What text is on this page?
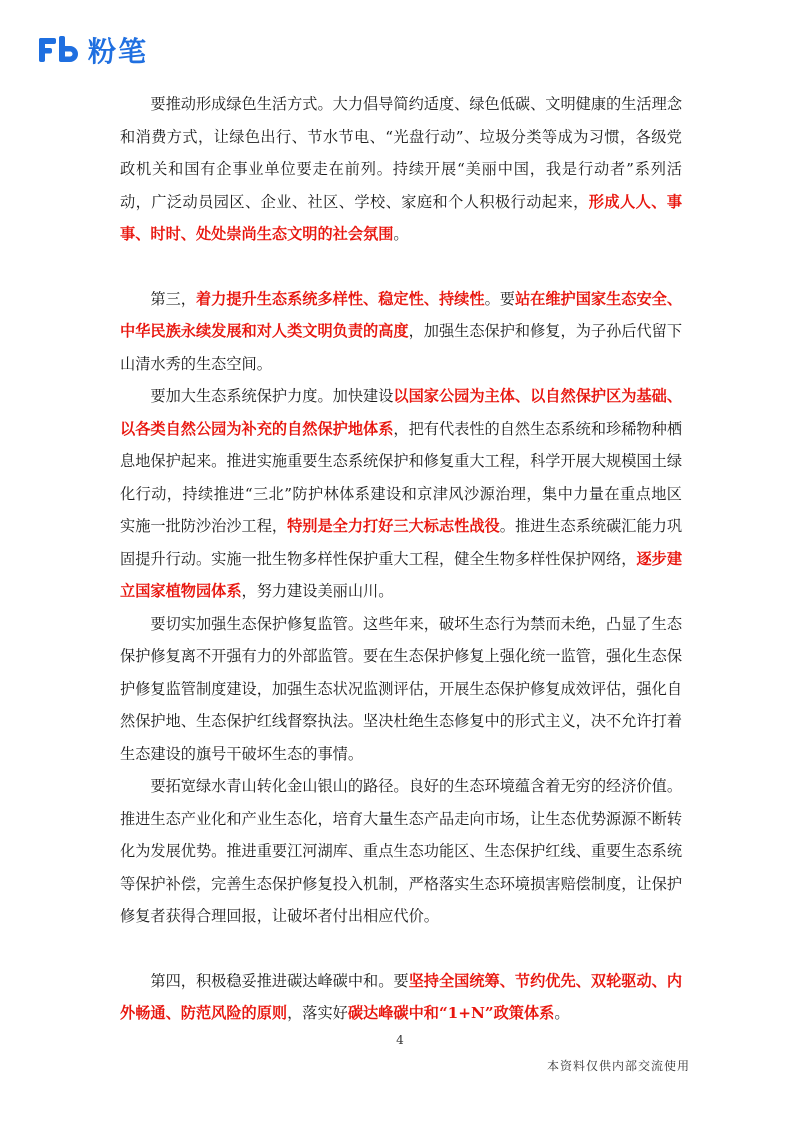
粉笔

要推动形成绿色生活方式。大力倡导简约适度、绿色低碳、文明健康的生活理念和消费方式，让绿色出行、节水节电、“光盘行动”、垃圾分类等成为习惯，各级党政机关和国有企事业单位要走在前列。持续开展“美丽中国，我是行动者”系列活动，广泛动员园区、企业、社区、学校、家庭和个人积极行动起来，形成人人、事事、时时、处处崇尚生态文明的社会氛围。

第三，着力提升生态系统多样性、稳定性、持续性。要站在维护国家生态安全、中华民族永续发展和对人类文明负责的高度，加强生态保护和修复，为子孙后代留下山清水秀的生态空间。

要加大生态系统保护力度。加快建设以国家公园为主体、以自然保护区为基础、以各类自然公园为补充的自然保护地体系，把有代表性的自然生态系统和珍稀物种栖息地保护起来。推进实施重要生态系统保护和修复重大工程，科学开展大规模国土绿化行动，持续推进“三北”防护林体系建设和京津风沙源治理，集中力量在重点地区实施一批防沙治沙工程，特别是全力打好三大标志性战役。推进生态系统碳汇能力巩固提升行动。实施一批生物多样性保护重大工程，健全生物多样性保护网络，逐步建立国家植物园体系，努力建设美丽山川。

要切实加强生态保护修复监管。这些年来，破坏生态行为禁而未绝，凸显了生态保护修复离不开强有力的外部监管。要在生态保护修复上强化统一监管，强化生态保护修复监管制度建设，加强生态状况监测评估，开展生态保护修复成效评估，强化自然保护地、生态保护红线督察执法。坚决杜绝生态修复中的形式主义，决不允许打着生态建设的旗号干破坏生态的事情。

要拓宽绿水青山转化金山银山的路径。良好的生态环境蕴含着无穷的经济价值。推进生态产业化和产业生态化，培育大量生态产品走向市场，让生态优势源源不断转化为发展优势。推进重要江河湖库、重点生态功能区、生态保护红线、重要生态系统等保护补偿，完善生态保护修复投入机制，严格落实生态环境损害赔偿制度，让保护修复者获得合理回报，让破坏者付出相应代价。

第四，积极稳妥推进碳达峰碳中和。要坚持全国统筹、节约优先、双轮驱动、内外畅通、防范风险的原则，落实好碳达峰碳中和“1+N”政策体系。

4
本资料仅供内部交流使用
